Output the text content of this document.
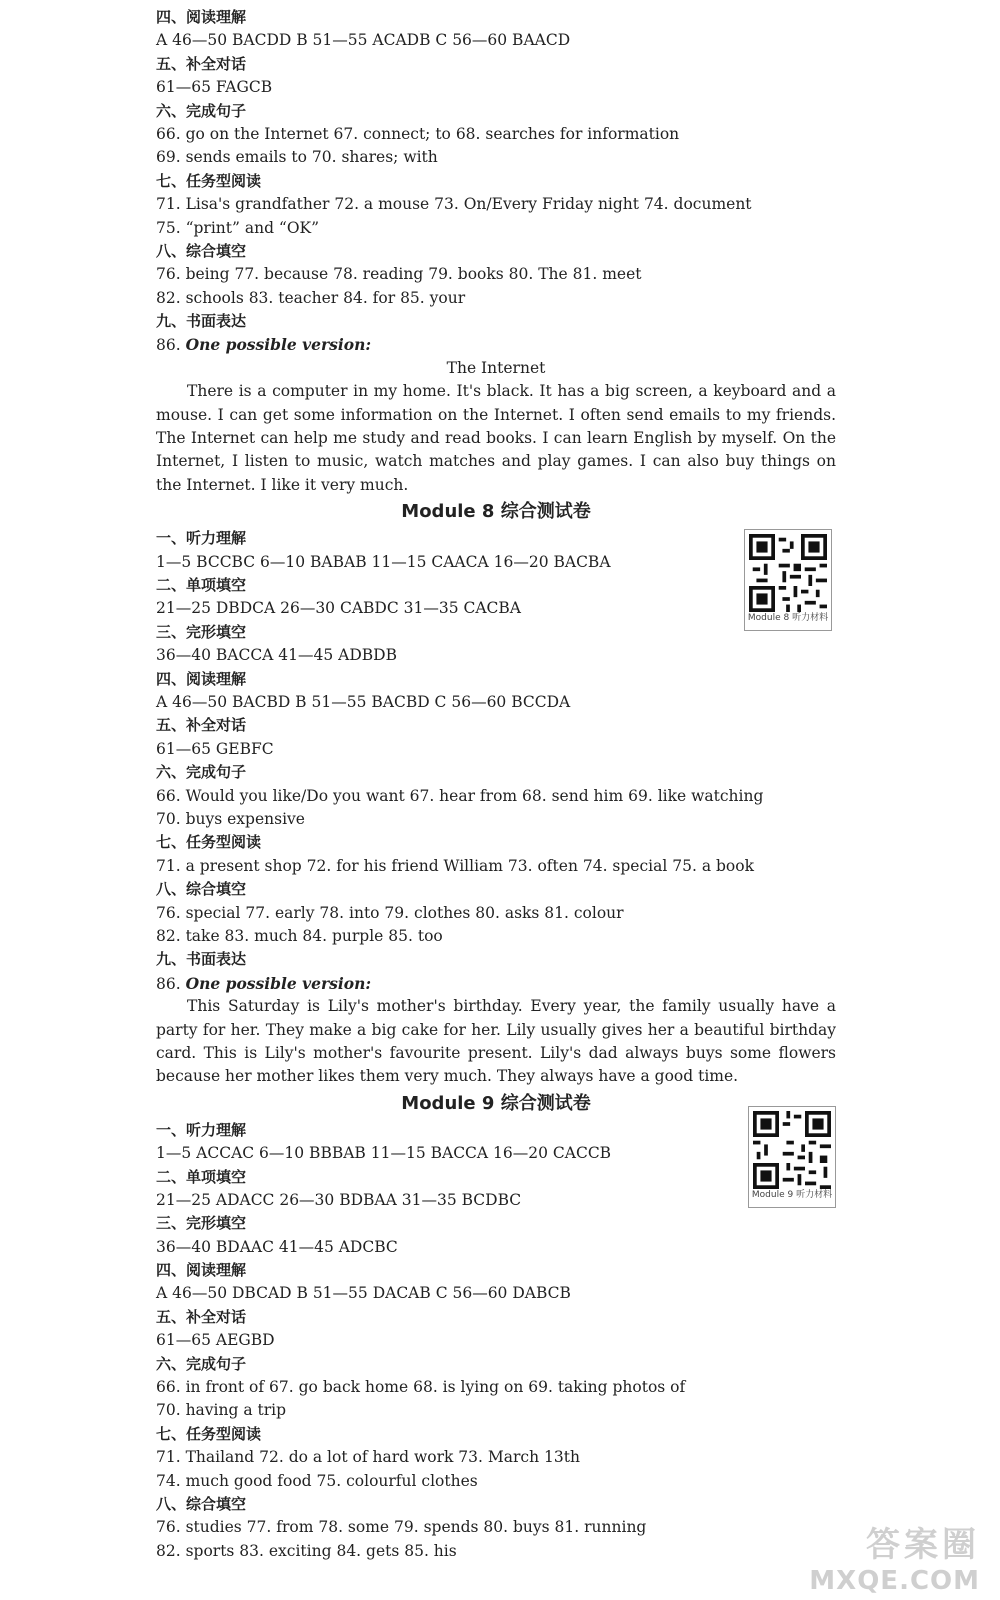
四、阅读理解
A 46—50 BACDD B 51—55 ACADB C 56—60 BAACD
五、补全对话
61—65 FAGCB
六、完成句子
66. go on the Internet 67. connect; to 68. searches for information
69. sends emails to 70. shares; with
七、任务型阅读
71. Lisa's grandfather 72. a mouse 73. On/Every Friday night 74. document
75. “print” and “OK”
八、综合填空
76. being 77. because 78. reading 79. books 80. The 81. meet
82. schools 83. teacher 84. for 85. your
九、书面表达
86. One possible version:
The Internet

There is a computer in my home. It's black. It has a big screen, a keyboard and a mouse. I can get some information on the Internet. I often send emails to my friends. The Internet can help me study and read books. I can learn English by myself. On the Internet, I listen to music, watch matches and play games. I can also buy things on the Internet. I like it very much.

Module 8 综合测试卷
一、听力理解
1—5 BCCBC 6—10 BABAB 11—15 CAACA 16—20 BACBA
二、单项填空
21—25 DBDCA 26—30 CABDC 31—35 CACBA
三、完形填空
36—40 BACCA 41—45 ADBDB
四、阅读理解
A 46—50 BACBD B 51—55 BACBD C 56—60 BCCDA
五、补全对话
61—65 GEBFC
六、完成句子
66. Would you like/Do you want 67. hear from 68. send him 69. like watching
70. buys expensive
七、任务型阅读
71. a present shop 72. for his friend William 73. often 74. special 75. a book
八、综合填空
76. special 77. early 78. into 79. clothes 80. asks 81. colour
82. take 83. much 84. purple 85. too
九、书面表达
86. One possible version:

This Saturday is Lily's mother's birthday. Every year, the family usually have a party for her. They make a big cake for her. Lily usually gives her a beautiful birthday card. This is Lily's mother's favourite present. Lily's dad always buys some flowers because her mother likes them very much. They always have a good time.

Module 9 综合测试卷
一、听力理解
1—5 ACCAC 6—10 BBBAB 11—15 BACCA 16—20 CACCB
二、单项填空
21—25 ADACC 26—30 BDBAA 31—35 BCDBC
三、完形填空
36—40 BDAAC 41—45 ADCBC
四、阅读理解
A 46—50 DBCAD B 51—55 DACAB C 56—60 DABCB
五、补全对话
61—65 AEGBD
六、完成句子
66. in front of 67. go back home 68. is lying on 69. taking photos of
70. having a trip
七、任务型阅读
71. Thailand 72. do a lot of hard work 73. March 13th
74. much good food 75. colourful clothes
八、综合填空
76. studies 77. from 78. some 79. spends 80. buys 81. running
82. sports 83. exciting 84. gets 85. his
Module 8 听力材料
Module 9 听力材料
答案圈
MXQE.COM
